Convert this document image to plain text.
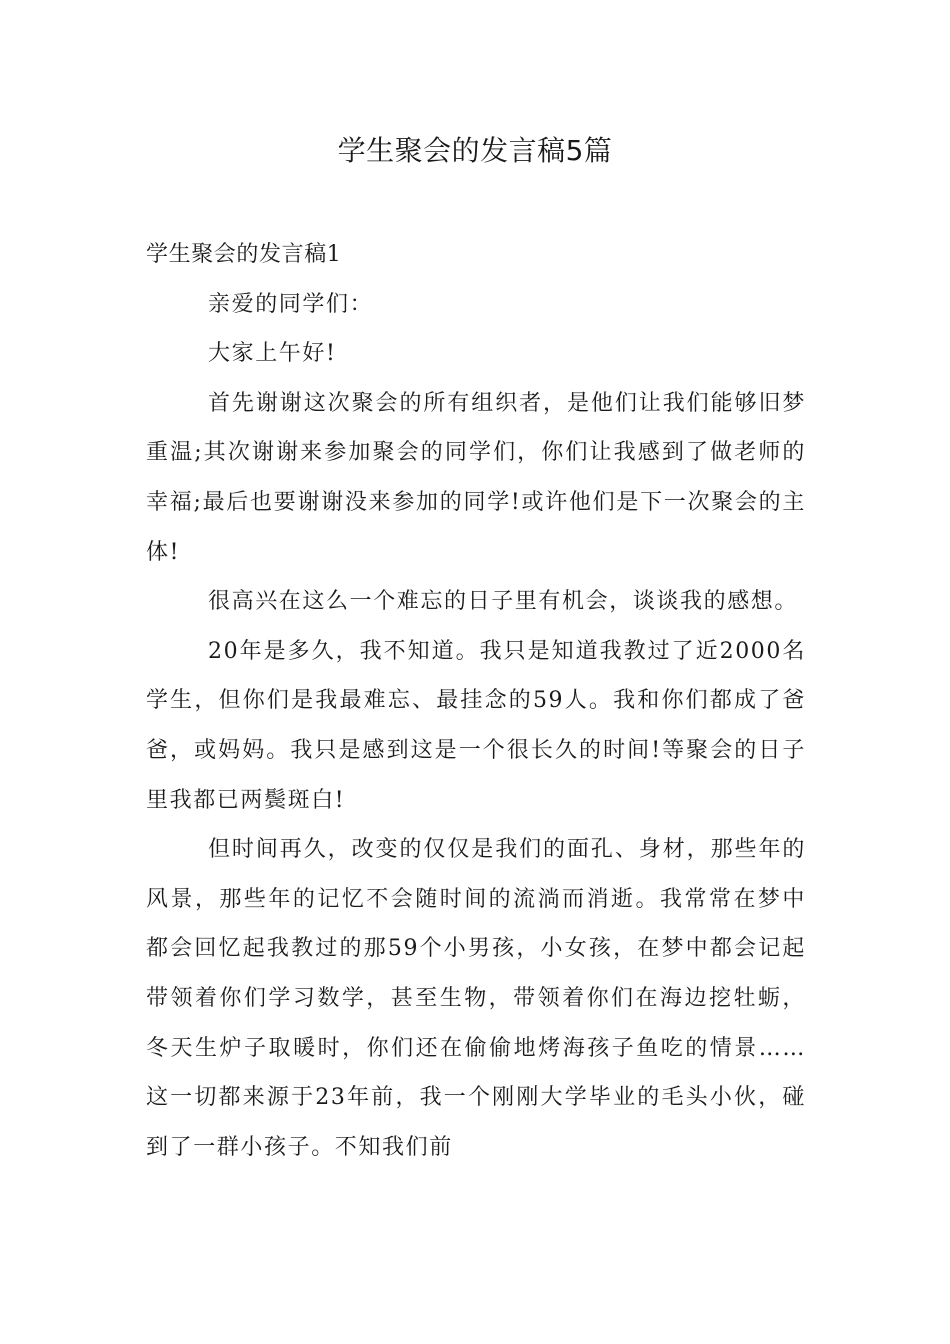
学生聚会的发言稿5篇

学生聚会的发言稿1

亲爱的同学们：

大家上午好!

首先谢谢这次聚会的所有组织者，是他们让我们能够旧梦重温;其次谢谢来参加聚会的同学们，你们让我感到了做老师的幸福;最后也要谢谢没来参加的同学!或许他们是下一次聚会的主体!

很高兴在这么一个难忘的日子里有机会，谈谈我的感想。

20年是多久，我不知道。我只是知道我教过了近2000名学生，但你们是我最难忘、最挂念的59人。我和你们都成了爸爸，或妈妈。我只是感到这是一个很长久的时间!等聚会的日子里我都已两鬓斑白!

但时间再久，改变的仅仅是我们的面孔、身材，那些年的风景，那些年的记忆不会随时间的流淌而消逝。我常常在梦中都会回忆起我教过的那59个小男孩，小女孩，在梦中都会记起带领着你们学习数学，甚至生物，带领着你们在海边挖牡蛎，冬天生炉子取暖时，你们还在偷偷地烤海孩子鱼吃的情景……这一切都来源于23年前，我一个刚刚大学毕业的毛头小伙，碰到了一群小孩子。不知我们前
